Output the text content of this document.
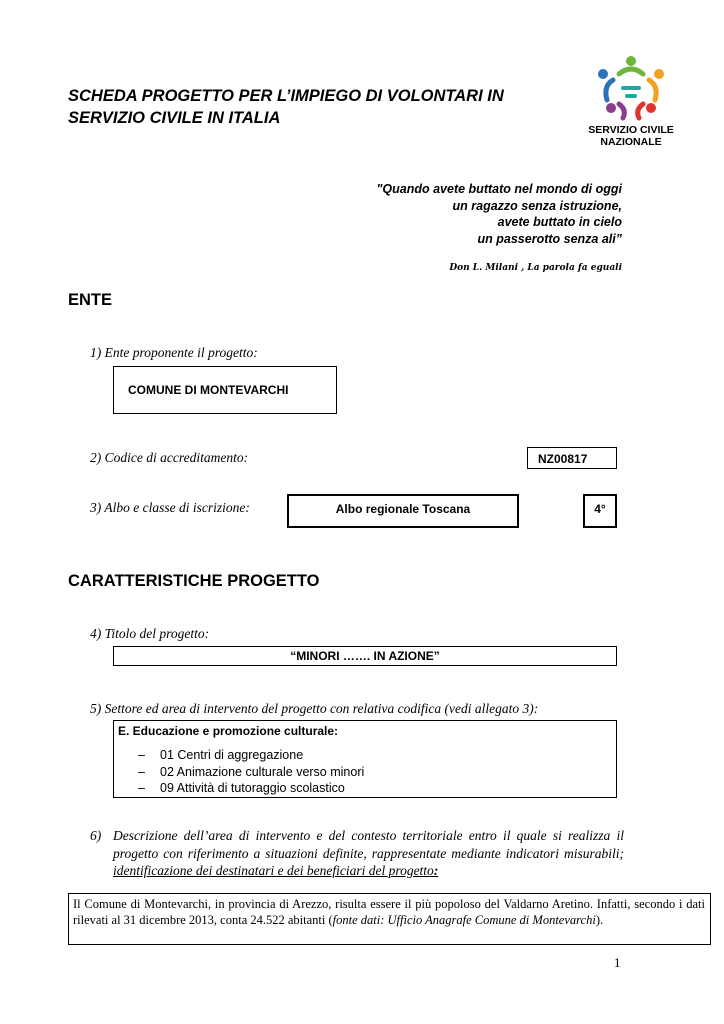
SCHEDA PROGETTO PER L’IMPIEGO DI VOLONTARI IN
SERVIZIO CIVILE IN ITALIA
SERVIZIO CIVILE
NAZIONALE
"Quando avete buttato nel mondo di oggi
un ragazzo senza istruzione,
avete buttato in cielo
un passerotto senza ali”
Don L. Milani , La parola fa eguali
ENTE
1) Ente proponente il progetto:
COMUNE DI MONTEVARCHI
2) Codice di accreditamento:	NZ00817
3) Albo e classe di iscrizione:	Albo regionale Toscana	4°
CARATTERISTICHE PROGETTO
4) Titolo del progetto:
“MINORI ……. IN AZIONE”
5) Settore ed area di intervento del progetto con relativa codifica (vedi allegato 3):
E. Educazione e promozione culturale:
– 01 Centri di aggregazione
– 02 Animazione culturale verso minori
– 09 Attività di tutoraggio scolastico
6) Descrizione dell’area di intervento e del contesto territoriale entro il quale si realizza il progetto con riferimento a situazioni definite, rappresentate mediante indicatori misurabili; identificazione dei destinatari e dei beneficiari del progetto:
Il Comune di Montevarchi, in provincia di Arezzo, risulta essere il più popoloso del Valdarno Aretino. Infatti, secondo i dati rilevati al 31 dicembre 2013, conta 24.522 abitanti (fonte dati: Ufficio Anagrafe Comune di Montevarchi).
1
